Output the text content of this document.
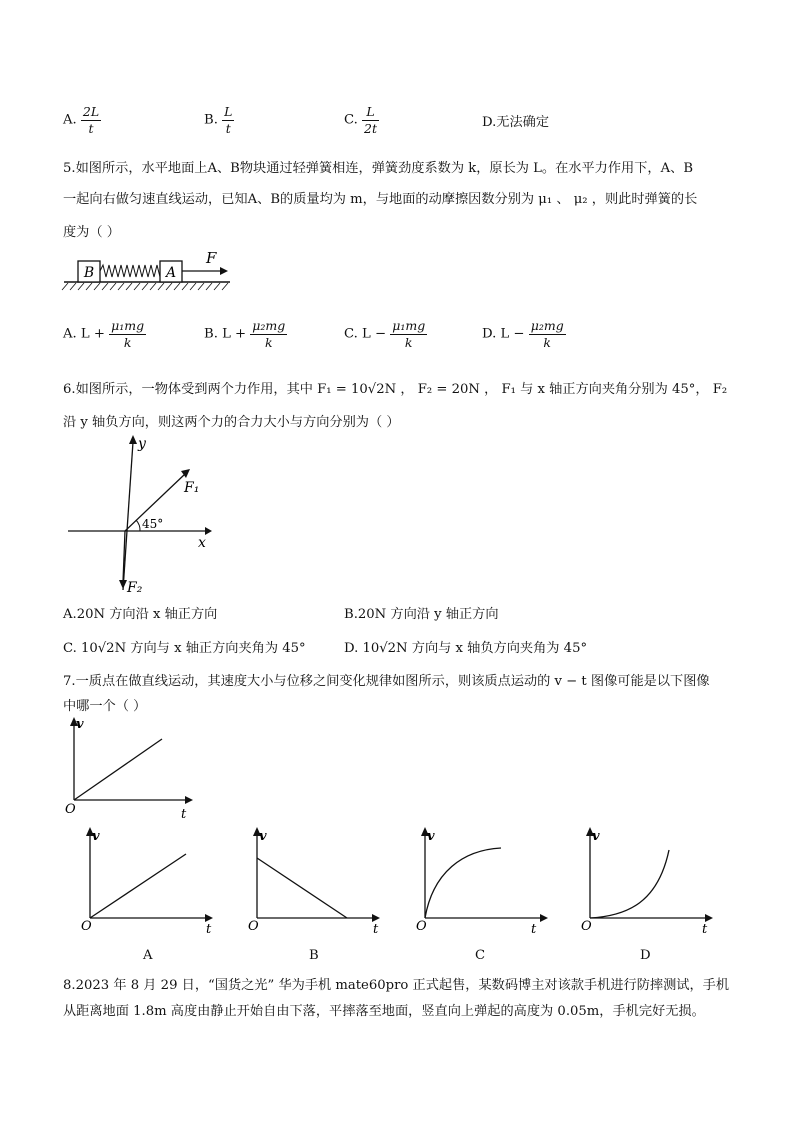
A. $\frac{2L}{t}$	B. $\frac{L}{t}$	C. $\frac{L}{2t}$	D.无法确定
5.如图所示，水平地面上A、B物块通过轻弹簧相连，弹簧劲度系数为 k，原长为 L。在水平力作用下，A、B
一起向右做匀速直线运动，已知A、B的质量均为 m，与地面的动摩擦因数分别为 μ₁ 、 μ₂ ，则此时弹簧的长
度为（ ）
B	A
F
A. $L + \frac{\text{μ₁mg}}{k}$	B. $L + \frac{\text{μ₂mg}}{k}$	C. $L - \frac{\text{μ₁mg}}{k}$	D. $L - \frac{\text{μ₂mg}}{k}$
6.如图所示，一物体受到两个力作用，其中 F₁ = 10√2N ， F₂ = 20N ， F₁ 与 x 轴正方向夹角分别为 45°， F₂
沿 y 轴负方向，则这两个力的合力大小与方向分别为（ ）
x
y
F₁
45°
F₂
A.20N 方向沿 x 轴正方向	B.20N 方向沿 y 轴正方向
C. 10√2N 方向与 x 轴正方向夹角为 45°	D. 10√2N 方向与 x 轴负方向夹角为 45°
7.一质点在做直线运动，其速度大小与位移之间变化规律如图所示，则该质点运动的 v − t 图像可能是以下图像
中哪一个（ ）
v
O	t
v
O	t
A
v
O	t
B
v
O	t
C
v
O	t
D
8.2023 年 8 月 29 日，“国货之光” 华为手机 mate60pro 正式起售，某数码博主对该款手机进行防摔测试，手机
从距离地面 1.8m 高度由静止开始自由下落，平摔落至地面，竖直向上弹起的高度为 0.05m，手机完好无损。
